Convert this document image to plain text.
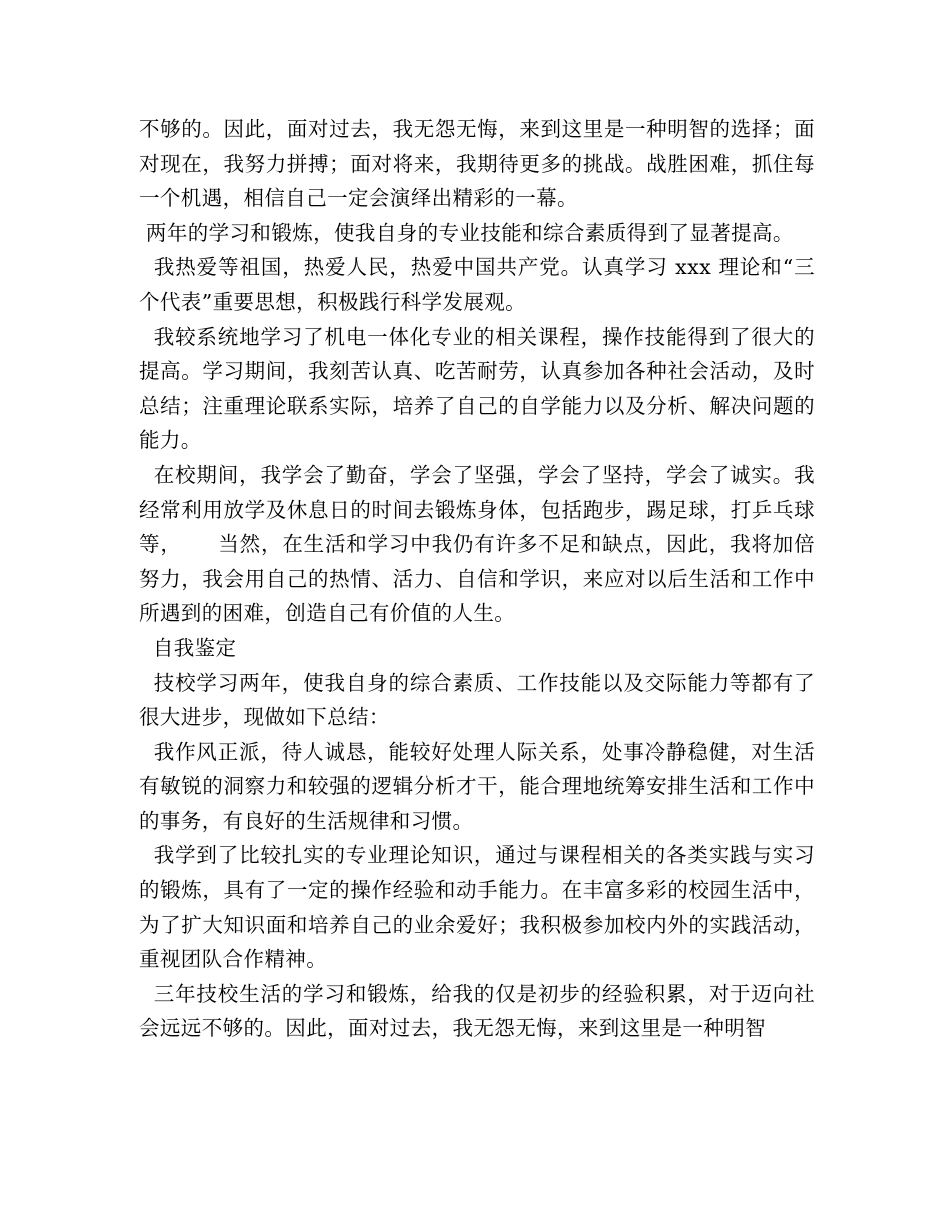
不够的。因此，面对过去，我无怨无悔，来到这里是一种明智的选择；面对现在，我努力拼搏；面对将来，我期待更多的挑战。战胜困难，抓住每一个机遇，相信自己一定会演绎出精彩的一幕。

两年的学习和锻炼，使我自身的专业技能和综合素质得到了显著提高。

我热爱等祖国，热爱人民，热爱中国共产党。认真学习 xxx 理论和“三个代表”重要思想，积极践行科学发展观。

我较系统地学习了机电一体化专业的相关课程，操作技能得到了很大的提高。学习期间，我刻苦认真、吃苦耐劳，认真参加各种社会活动，及时总结；注重理论联系实际，培养了自己的自学能力以及分析、解决问题的能力。

在校期间，我学会了勤奋，学会了坚强，学会了坚持，学会了诚实。我经常利用放学及休息日的时间去锻炼身体，包括跑步，踢足球，打乒乓球等，     当然，在生活和学习中我仍有许多不足和缺点，因此，我将加倍努力，我会用自己的热情、活力、自信和学识，来应对以后生活和工作中所遇到的困难，创造自己有价值的人生。

自我鉴定

技校学习两年，使我自身的综合素质、工作技能以及交际能力等都有了很大进步，现做如下总结：

我作风正派，待人诚恳，能较好处理人际关系，处事冷静稳健，对生活有敏锐的洞察力和较强的逻辑分析才干，能合理地统筹安排生活和工作中的事务，有良好的生活规律和习惯。

我学到了比较扎实的专业理论知识，通过与课程相关的各类实践与实习的锻炼，具有了一定的操作经验和动手能力。在丰富多彩的校园生活中，为了扩大知识面和培养自己的业余爱好；我积极参加校内外的实践活动，重视团队合作精神。

三年技校生活的学习和锻炼，给我的仅是初步的经验积累，对于迈向社会远远不够的。因此，面对过去，我无怨无悔，来到这里是一种明智
